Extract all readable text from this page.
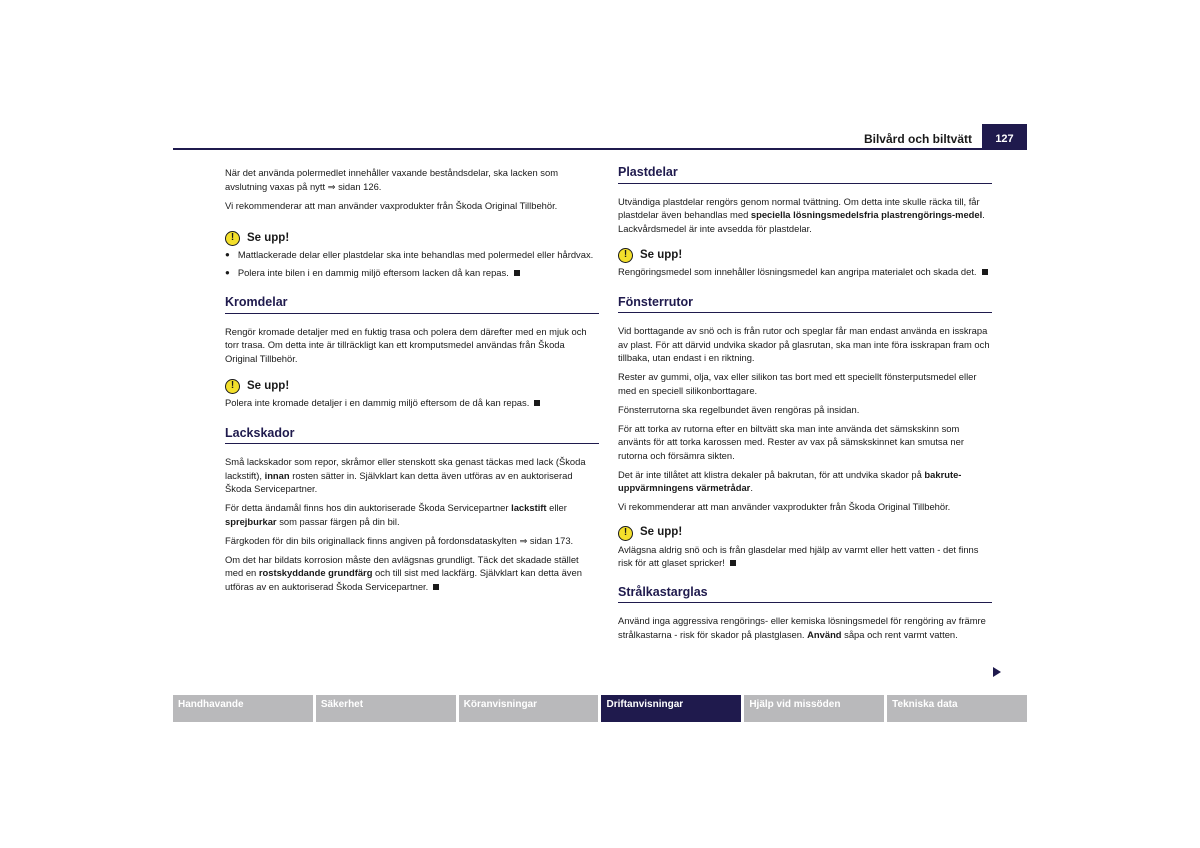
Bilvård och biltvätt	127

När det använda polermedlet innehåller vaxande beståndsdelar, ska lacken som avslutning vaxas på nytt ⇒ sidan 126.

Vi rekommenderar att man använder vaxprodukter från Škoda Original Tillbehör.

!	Se upp!
● Mattlackerade delar eller plastdelar ska inte behandlas med polermedel eller hårdvax.
● Polera inte bilen i en dammig miljö eftersom lacken då kan repas.
Kromdelar

Rengör kromade detaljer med en fuktig trasa och polera dem därefter med en mjuk och torr trasa. Om detta inte är tillräckligt kan ett kromputsmedel användas från Škoda Original Tillbehör.

!	Se upp!

Polera inte kromade detaljer i en dammig miljö eftersom de då kan repas.

Lackskador

Små lackskador som repor, skråmor eller stenskott ska genast täckas med lack (Škoda lackstift), innan rosten sätter in. Självklart kan detta även utföras av en auktoriserad Škoda Servicepartner.

För detta ändamål finns hos din auktoriserade Škoda Servicepartner lackstift eller sprejburkar som passar färgen på din bil.

Färgkoden för din bils originallack finns angiven på fordonsdataskylten ⇒ sidan 173.

Om det har bildats korrosion måste den avlägsnas grundligt. Täck det skadade stället med en rostskyddande grundfärg och till sist med lackfärg. Självklart kan detta även utföras av en auktoriserad Škoda Servicepartner.

Plastdelar

Utvändiga plastdelar rengörs genom normal tvättning. Om detta inte skulle räcka till, får plastdelar även behandlas med speciella lösningsmedelsfria plastrengörings-medel. Lackvårdsmedel är inte avsedda för plastdelar.

!	Se upp!

Rengöringsmedel som innehåller lösningsmedel kan angripa materialet och skada det.

Fönsterrutor

Vid borttagande av snö och is från rutor och speglar får man endast använda en isskrapa av plast. För att därvid undvika skador på glasrutan, ska man inte föra isskrapan fram och tillbaka, utan endast i en riktning.

Rester av gummi, olja, vax eller silikon tas bort med ett speciellt fönsterputsmedel eller med en speciell silikonborttagare.

Fönsterrutorna ska regelbundet även rengöras på insidan.

För att torka av rutorna efter en biltvätt ska man inte använda det sämskskinn som använts för att torka karossen med. Rester av vax på sämskskinnet kan smutsa ner rutorna och försämra sikten.

Det är inte tillåtet att klistra dekaler på bakrutan, för att undvika skador på bakrute-uppvärmningens värmetrådar.

Vi rekommenderar att man använder vaxprodukter från Škoda Original Tillbehör.

!	Se upp!

Avlägsna aldrig snö och is från glasdelar med hjälp av varmt eller hett vatten - det finns risk för att glaset spricker!

Strålkastarglas

Använd inga aggressiva rengörings- eller kemiska lösningsmedel för rengöring av främre strålkastarna - risk för skador på plastglasen. Använd såpa och rent varmt vatten.

Handhavande	Säkerhet	Köranvisningar	Driftanvisningar	Hjälp vid missöden	Tekniska data
